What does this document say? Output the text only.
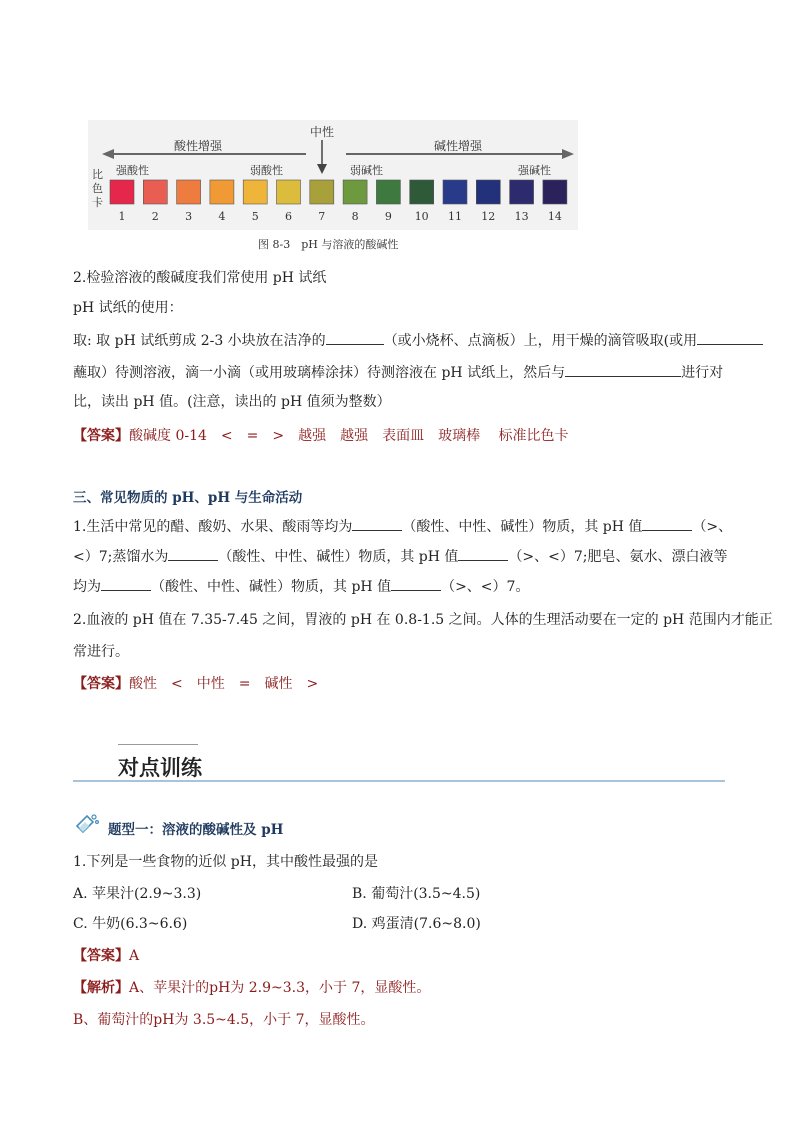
中性
酸性增强	碱性增强
强酸性	弱酸性	弱碱性	强碱性
比
色
卡
1 2 3 4 5 6 7 8 9 10 11 12 13 14
图 8-3　pH 与溶液的酸碱性
2.检验溶液的酸碱度我们常使用 pH 试纸
pH 试纸的使用：
取: 取 pH 试纸剪成 2-3 小块放在洁净的	（或小烧杯、点滴板）上，用干燥的滴管吸取(或用
蘸取）待测溶液，滴一小滴（或用玻璃棒涂抹）待测溶液在 pH 试纸上，然后与	进行对
比，读出 pH 值。(注意，读出的 pH 值须为整数）
【答案】酸碱度 0-14　<　=　>　越强　越强　表面皿　玻璃棒　 标准比色卡
三、常见物质的 pH、pH 与生命活动
1.生活中常见的醋、酸奶、水果、酸雨等均为	（酸性、中性、碱性）物质，其 pH 值	（>、
<）7;蒸馏水为	（酸性、中性、碱性）物质，其 pH 值	（>、<）7;肥皂、氨水、漂白液等
均为	（酸性、中性、碱性）物质，其 pH 值	（>、<）7。
2.血液的 pH 值在 7.35-7.45 之间，胃液的 pH 在 0.8-1.5 之间。人体的生理活动要在一定的 pH 范围内才能正
常进行。
【答案】酸性　<　中性　=　碱性　>
对点训练
题型一：溶液的酸碱性及 pH
1.下列是一些食物的近似 pH，其中酸性最强的是
A. 苹果汁(2.9~3.3)	B. 葡萄汁(3.5~4.5)
C. 牛奶(6.3~6.6)	D. 鸡蛋清(7.6~8.0)
【答案】A
【解析】A、苹果汁的pH为 2.9~3.3，小于 7，显酸性。
B、葡萄汁的pH为 3.5~4.5，小于 7，显酸性。
